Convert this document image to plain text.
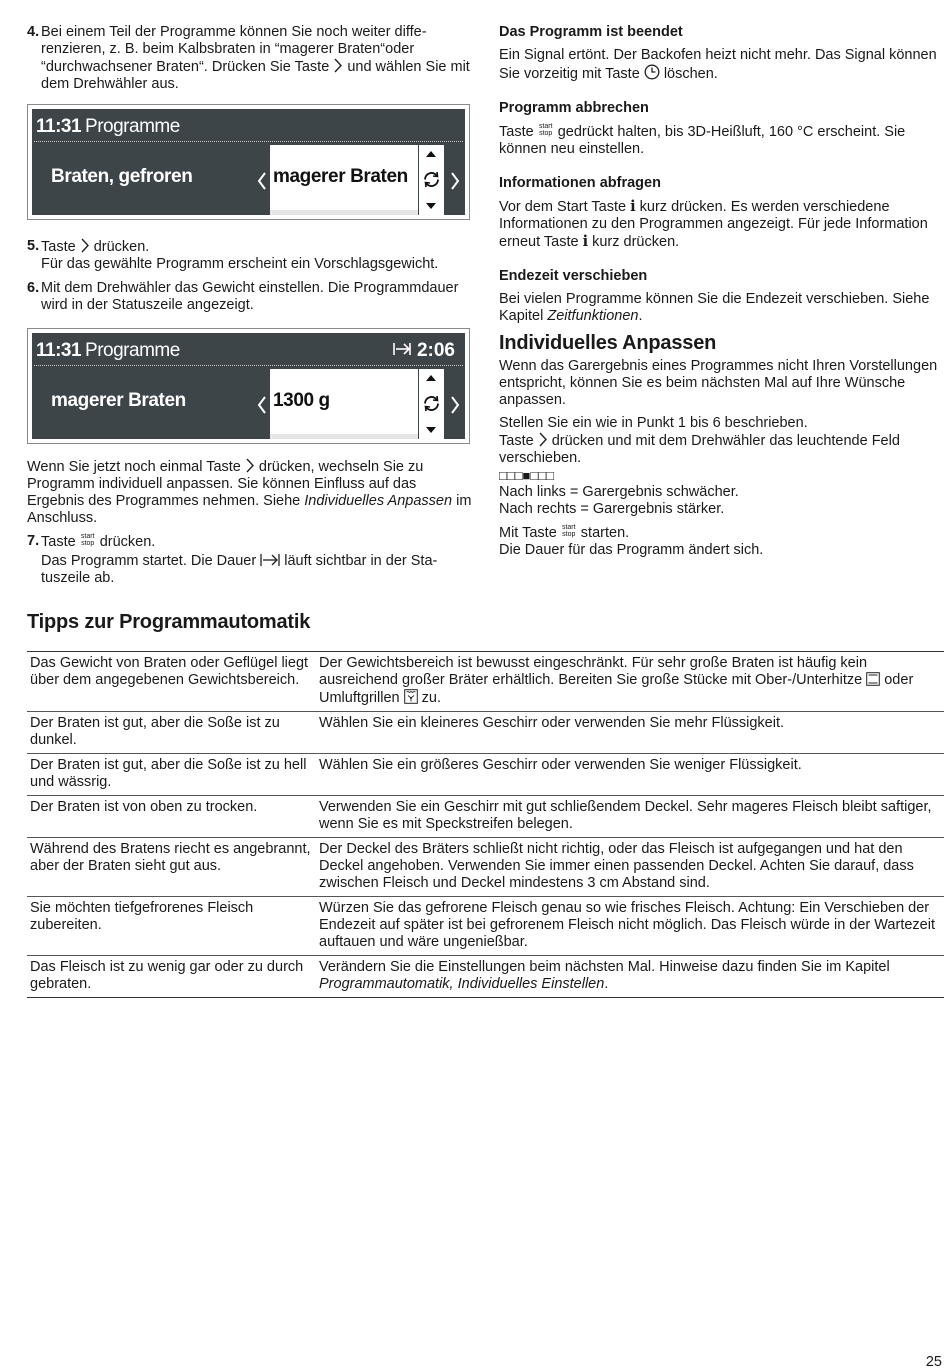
4. Bei einem Teil der Programme können Sie noch weiter differenzieren, z. B. beim Kalbsbraten in “magerer Braten“oder “durchwachsener Braten“. Drücken Sie Taste  und wählen Sie mit dem Drehwähler aus.
11:31 Programme
Braten, gefroren	magerer Braten
5. Taste  drücken.
Für das gewählte Programm erscheint ein Vorschlagsgewicht.
6. Mit dem Drehwähler das Gewicht einstellen. Die Programmdauer wird in der Statuszeile angezeigt.
11:31 Programme	2:06
magerer Braten	1300 g
Wenn Sie jetzt noch einmal Taste  drücken, wechseln Sie zu Programm individuell anpassen. Sie können Einfluss auf das Ergebnis des Programmes nehmen. Siehe Individuelles Anpassen im Anschluss.
7. Taste start
stop drücken.
Das Programm startet. Die Dauer  läuft sichtbar in der Statuszeile ab.
Das Programm ist beendet

Ein Signal ertönt. Der Backofen heizt nicht mehr. Das Signal können Sie vorzeitig mit Taste  löschen.

Programm abbrechen

Taste start
stop gedrückt halten, bis 3D-Heißluft, 160 °C erscheint. Sie können neu einstellen.

Informationen abfragen

Vor dem Start Taste i kurz drücken. Es werden verschiedene Informationen zu den Programmen angezeigt. Für jede Information erneut Taste i kurz drücken.

Endezeit verschieben

Bei vielen Programme können Sie die Endezeit verschieben. Siehe Kapitel Zeitfunktionen.

Individuelles Anpassen

Wenn das Garergebnis eines Programmes nicht Ihren Vorstellungen entspricht, können Sie es beim nächsten Mal auf Ihre Wünsche anpassen.

Stellen Sie ein wie in Punkt 1 bis 6 beschrieben.

Taste  drücken und mit dem Drehwähler das leuchtende Feld verschieben.

□□□■□□□

Nach links = Garergebnis schwächer.

Nach rechts = Garergebnis stärker.

Mit Taste start
stop starten.

Die Dauer für das Programm ändert sich.

Tipps zur Programmautomatik
Das Gewicht von Braten oder Geflügel liegt über dem angegebenen Gewichtsbereich.	Der Gewichtsbereich ist bewusst eingeschränkt. Für sehr große Braten ist häufig kein ausreichend großer Bräter erhältlich. Bereiten Sie große Stücke mit Ober-/Unterhitze  oder Umluftgrillen  zu.
Der Braten ist gut, aber die Soße ist zu dunkel.	Wählen Sie ein kleineres Geschirr oder verwenden Sie mehr Flüssigkeit.
Der Braten ist gut, aber die Soße ist zu hell und wässrig.	Wählen Sie ein größeres Geschirr oder verwenden Sie weniger Flüssigkeit.
Der Braten ist von oben zu trocken.	Verwenden Sie ein Geschirr mit gut schließendem Deckel. Sehr mageres Fleisch bleibt saftiger, wenn Sie es mit Speckstreifen belegen.
Während des Bratens riecht es angebrannt, aber der Braten sieht gut aus.	Der Deckel des Bräters schließt nicht richtig, oder das Fleisch ist aufgegangen und hat den Deckel angehoben. Verwenden Sie immer einen passenden Deckel. Achten Sie darauf, dass zwischen Fleisch und Deckel mindestens 3 cm Abstand sind.
Sie möchten tiefgefrorenes Fleisch zubereiten.	Würzen Sie das gefrorene Fleisch genau so wie frisches Fleisch. Achtung: Ein Verschieben der Endezeit auf später ist bei gefrorenem Fleisch nicht möglich. Das Fleisch würde in der Wartezeit auftauen und wäre ungenießbar.
Das Fleisch ist zu wenig gar oder zu durch gebraten.	Verändern Sie die Einstellungen beim nächsten Mal. Hinweise dazu finden Sie im Kapitel Programmautomatik, Individuelles Einstellen.
25
